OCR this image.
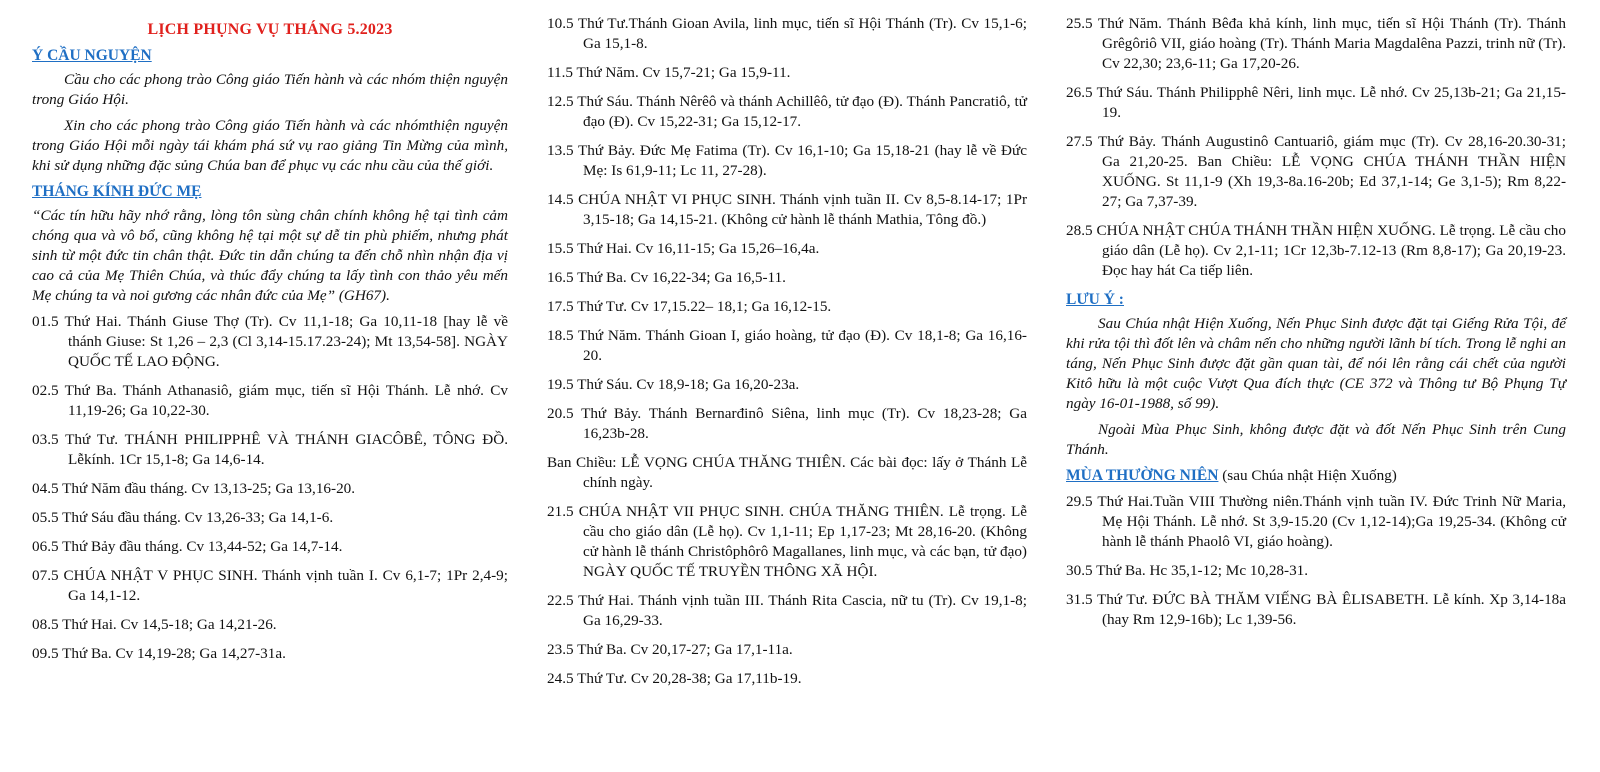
LỊCH PHỤNG VỤ THÁNG 5.2023
Ý CẦU NGUYỆN

Cầu cho các phong trào Công giáo Tiến hành và các nhóm thiện nguyện trong Giáo Hội.

Xin cho các phong trào Công giáo Tiến hành và các nhómthiện nguyện trong Giáo Hội mỗi ngày tái khám phá sứ vụ rao giảng Tin Mừng của mình, khi sử dụng những đặc sủng Chúa ban để phục vụ các nhu cầu của thế giới.

THÁNG KÍNH ĐỨC MẸ

“Các tín hữu hãy nhớ rằng, lòng tôn sùng chân chính không hệ tại tình cảm chóng qua và vô bổ, cũng không hệ tại một sự dễ tin phù phiếm, nhưng phát sinh từ một đức tin chân thật. Đức tin dẫn chúng ta đến chỗ nhìn nhận địa vị cao cả của Mẹ Thiên Chúa, và thúc đẩy chúng ta lấy tình con thảo yêu mến Mẹ chúng ta và noi gương các nhân đức của Mẹ” (GH67).

01.5 Thứ Hai. Thánh Giuse Thợ (Tr). Cv 11,1-18; Ga 10,11-18 [hay lễ về thánh Giuse: St 1,26 – 2,3 (Cl 3,14-15.17.23-24); Mt 13,54-58]. NGÀY QUỐC TẾ LAO ĐỘNG.
02.5 Thứ Ba. Thánh Athanasiô, giám mục, tiến sĩ Hội Thánh. Lễ nhớ. Cv 11,19-26; Ga 10,22-30.
03.5 Thứ Tư. THÁNH PHILIPPHÊ VÀ THÁNH GIACÔBÊ, TÔNG ĐỒ. Lễkính. 1Cr 15,1-8; Ga 14,6-14.
04.5 Thứ Năm đầu tháng. Cv 13,13-25; Ga 13,16-20.
05.5 Thứ Sáu đầu tháng. Cv 13,26-33; Ga 14,1-6.
06.5 Thứ Bảy đầu tháng. Cv 13,44-52; Ga 14,7-14.
07.5 CHÚA NHẬT V PHỤC SINH. Thánh vịnh tuần I. Cv 6,1-7; 1Pr 2,4-9; Ga 14,1-12.
08.5 Thứ Hai. Cv 14,5-18; Ga 14,21-26.
09.5 Thứ Ba. Cv 14,19-28; Ga 14,27-31a.
10.5 Thứ Tư.Thánh Gioan Avila, linh mục, tiến sĩ Hội Thánh (Tr). Cv 15,1-6; Ga 15,1-8.
11.5 Thứ Năm. Cv 15,7-21; Ga 15,9-11.
12.5 Thứ Sáu. Thánh Nêrêô và thánh Achillêô, tử đạo (Đ). Thánh Pancratiô, tử đạo (Đ). Cv 15,22-31; Ga 15,12-17.
13.5 Thứ Bảy. Đức Mẹ Fatima (Tr). Cv 16,1-10; Ga 15,18-21 (hay lễ về Đức Mẹ: Is 61,9-11; Lc 11, 27-28).
14.5 CHÚA NHẬT VI PHỤC SINH. Thánh vịnh tuần II. Cv 8,5-8.14-17; 1Pr 3,15-18; Ga 14,15-21. (Không cử hành lễ thánh Mathia, Tông đồ.)
15.5 Thứ Hai. Cv 16,11-15; Ga 15,26–16,4a.
16.5 Thứ Ba. Cv 16,22-34; Ga 16,5-11.
17.5 Thứ Tư. Cv 17,15.22– 18,1; Ga 16,12-15.
18.5 Thứ Năm. Thánh Gioan I, giáo hoàng, tử đạo (Đ). Cv 18,1-8; Ga 16,16-20.
19.5 Thứ Sáu. Cv 18,9-18; Ga 16,20-23a.
20.5 Thứ Bảy. Thánh Bernarđinô Siêna, linh mục (Tr). Cv 18,23-28; Ga 16,23b-28.
Ban Chiều: LỄ VỌNG CHÚA THĂNG THIÊN. Các bài đọc: lấy ở Thánh Lễ chính ngày.
21.5 CHÚA NHẬT VII PHỤC SINH. CHÚA THĂNG THIÊN. Lễ trọng. Lễ cầu cho giáo dân (Lễ họ). Cv 1,1-11; Ep 1,17-23; Mt 28,16-20. (Không cử hành lễ thánh Christôphôrô Magallanes, linh mục, và các bạn, tử đạo) NGÀY QUỐC TẾ TRUYỀN THÔNG XÃ HỘI.
22.5 Thứ Hai. Thánh vịnh tuần III. Thánh Rita Cascia, nữ tu (Tr). Cv 19,1-8; Ga 16,29-33.
23.5 Thứ Ba. Cv 20,17-27; Ga 17,1-11a.
24.5 Thứ Tư. Cv 20,28-38; Ga 17,11b-19.
25.5 Thứ Năm. Thánh Bêđa khả kính, linh mục, tiến sĩ Hội Thánh (Tr). Thánh Grêgôriô VII, giáo hoàng (Tr). Thánh Maria Magdalêna Pazzi, trinh nữ (Tr). Cv 22,30; 23,6-11; Ga 17,20-26.
26.5 Thứ Sáu. Thánh Philipphê Nêri, linh mục. Lễ nhớ. Cv 25,13b-21; Ga 21,15-19.
27.5 Thứ Bảy. Thánh Augustinô Cantuariô, giám mục (Tr). Cv 28,16-20.30-31; Ga 21,20-25. Ban Chiều: LỄ VỌNG CHÚA THÁNH THẦN HIỆN XUỐNG. St 11,1-9 (Xh 19,3-8a.16-20b; Ed 37,1-14; Ge 3,1-5); Rm 8,22-27; Ga 7,37-39.
28.5 CHÚA NHẬT CHÚA THÁNH THẦN HIỆN XUỐNG. Lễ trọng. Lễ cầu cho giáo dân (Lễ họ). Cv 2,1-11; 1Cr 12,3b-7.12-13 (Rm 8,8-17); Ga 20,19-23. Đọc hay hát Ca tiếp liên.
LƯU Ý :

Sau Chúa nhật Hiện Xuống, Nến Phục Sinh được đặt tại Giếng Rửa Tội, để khi rửa tội thì đốt lên và châm nến cho những người lãnh bí tích. Trong lễ nghi an táng, Nến Phục Sinh được đặt gần quan tài, để nói lên rằng cái chết của người Kitô hữu là một cuộc Vượt Qua đích thực (CE 372 và Thông tư Bộ Phụng Tự ngày 16-01-1988, số 99).

Ngoài Mùa Phục Sinh, không được đặt và đốt Nến Phục Sinh trên Cung Thánh.

MÙA THƯỜNG NIÊN (sau Chúa nhật Hiện Xuống)
29.5 Thứ Hai.Tuần VIII Thường niên.Thánh vịnh tuần IV. Đức Trinh Nữ Maria, Mẹ Hội Thánh. Lễ nhớ. St 3,9-15.20 (Cv 1,12-14);Ga 19,25-34. (Không cử hành lễ thánh Phaolô VI, giáo hoàng).
30.5 Thứ Ba. Hc 35,1-12; Mc 10,28-31.
31.5 Thứ Tư. ĐỨC BÀ THĂM VIẾNG BÀ ÊLISABETH. Lễ kính. Xp 3,14-18a (hay Rm 12,9-16b); Lc 1,39-56.
